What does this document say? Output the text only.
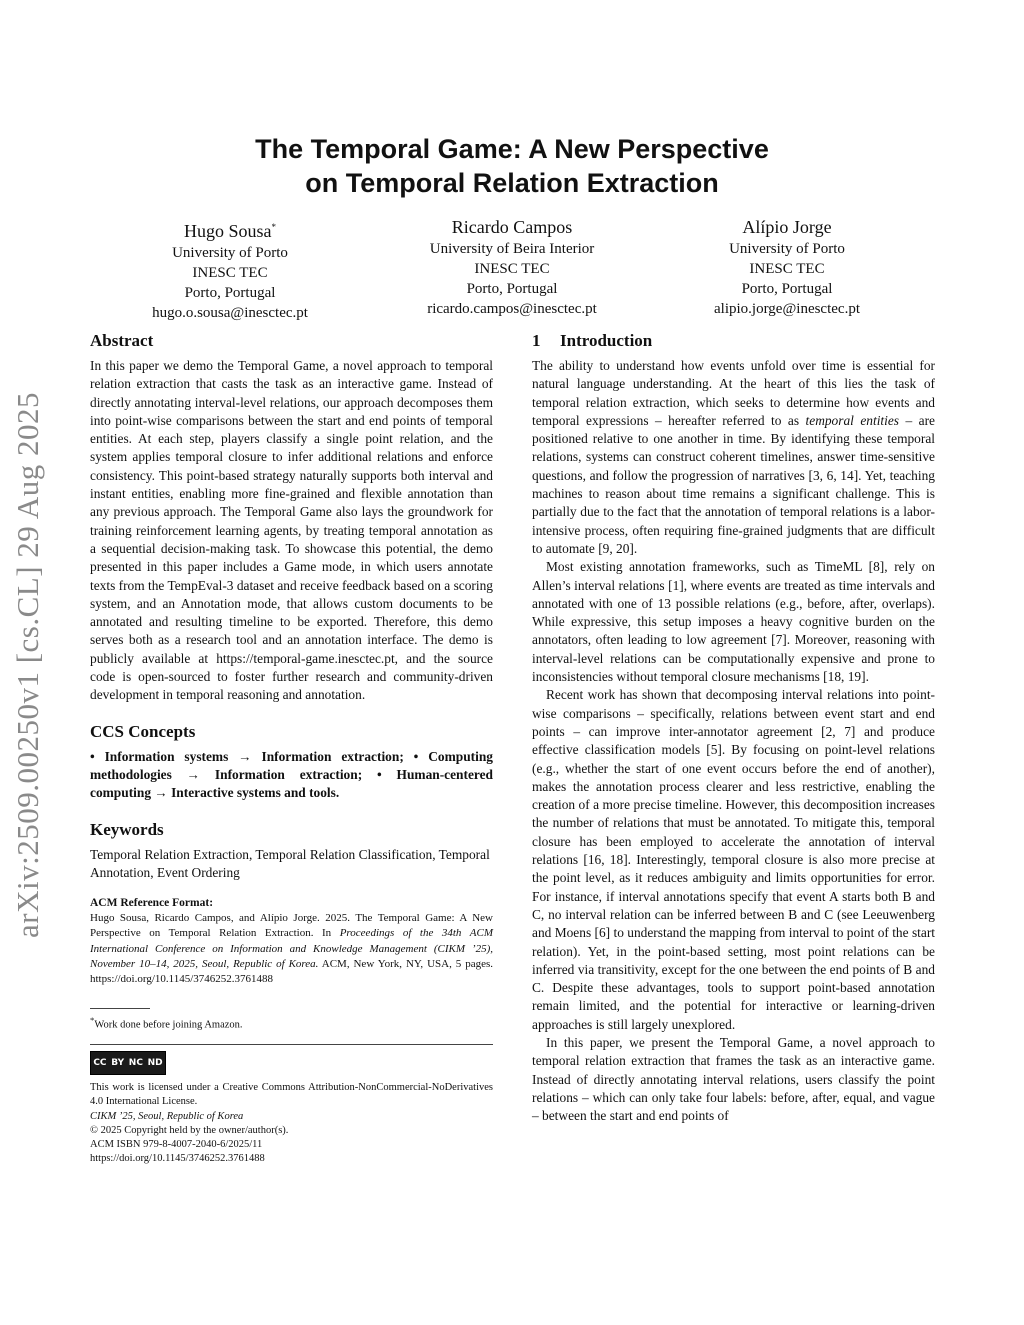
arXiv:2509.00250v1 [cs.CL] 29 Aug 2025
The Temporal Game: A New Perspective
on Temporal Relation Extraction
Hugo Sousa*
University of Porto
INESC TEC
Porto, Portugal
hugo.o.sousa@inesctec.pt
Ricardo Campos
University of Beira Interior
INESC TEC
Porto, Portugal
ricardo.campos@inesctec.pt
Alípio Jorge
University of Porto
INESC TEC
Porto, Portugal
alipio.jorge@inesctec.pt
Abstract

In this paper we demo the Temporal Game, a novel approach to temporal relation extraction that casts the task as an interactive game. Instead of directly annotating interval-level relations, our approach decomposes them into point-wise comparisons between the start and end points of temporal entities. At each step, players classify a single point relation, and the system applies temporal closure to infer additional relations and enforce consistency. This point-based strategy naturally supports both interval and instant entities, enabling more fine-grained and flexible annotation than any previous approach. The Temporal Game also lays the groundwork for training reinforcement learning agents, by treating temporal annotation as a sequential decision-making task. To showcase this potential, the demo presented in this paper includes a Game mode, in which users annotate texts from the TempEval-3 dataset and receive feedback based on a scoring system, and an Annotation mode, that allows custom documents to be annotated and resulting timeline to be exported. Therefore, this demo serves both as a research tool and an annotation interface. The demo is publicly available at https://temporal-game.inesctec.pt, and the source code is open-sourced to foster further research and community-driven development in temporal reasoning and annotation.

CCS Concepts

• Information systems → Information extraction; • Computing methodologies → Information extraction; • Human-centered computing → Interactive systems and tools.

Keywords

Temporal Relation Extraction, Temporal Relation Classification, Temporal Annotation, Event Ordering

ACM Reference Format:

Hugo Sousa, Ricardo Campos, and Alípio Jorge. 2025. The Temporal Game: A New Perspective on Temporal Relation Extraction. In Proceedings of the 34th ACM International Conference on Information and Knowledge Management (CIKM ’25), November 10–14, 2025, Seoul, Republic of Korea. ACM, New York, NY, USA, 5 pages. https://doi.org/10.1145/3746252.3761488

*Work done before joining Amazon.
CC BY NC ND

This work is licensed under a Creative Commons Attribution-NonCommercial-NoDerivatives 4.0 International License.

CIKM ’25, Seoul, Republic of Korea

© 2025 Copyright held by the owner/author(s).

ACM ISBN 979-8-4007-2040-6/2025/11

https://doi.org/10.1145/3746252.3761488

1 Introduction

The ability to understand how events unfold over time is essential for natural language understanding. At the heart of this lies the task of temporal relation extraction, which seeks to determine how events and temporal expressions – hereafter referred to as temporal entities – are positioned relative to one another in time. By identifying these temporal relations, systems can construct coherent timelines, answer time-sensitive questions, and follow the progression of narratives [3, 6, 14]. Yet, teaching machines to reason about time remains a significant challenge. This is partially due to the fact that the annotation of temporal relations is a labor-intensive process, often requiring fine-grained judgments that are difficult to automate [9, 20].

Most existing annotation frameworks, such as TimeML [8], rely on Allen’s interval relations [1], where events are treated as time intervals and annotated with one of 13 possible relations (e.g., before, after, overlaps). While expressive, this setup imposes a heavy cognitive burden on the annotators, often leading to low agreement [7]. Moreover, reasoning with interval-level relations can be computationally expensive and prone to inconsistencies without temporal closure mechanisms [18, 19].

Recent work has shown that decomposing interval relations into point-wise comparisons – specifically, relations between event start and end points – can improve inter-annotator agreement [2, 7] and produce effective classification models [5]. By focusing on point-level relations (e.g., whether the start of one event occurs before the end of another), makes the annotation process clearer and less restrictive, enabling the creation of a more precise timeline. However, this decomposition increases the number of relations that must be annotated. To mitigate this, temporal closure has been employed to accelerate the annotation of interval relations [16, 18]. Interestingly, temporal closure is also more precise at the point level, as it reduces ambiguity and limits opportunities for error. For instance, if interval annotations specify that event A starts both B and C, no interval relation can be inferred between B and C (see Leeuwenberg and Moens [6] to understand the mapping from interval to point of the start relation). Yet, in the point-based setting, most point relations can be inferred via transitivity, except for the one between the end points of B and C. Despite these advantages, tools to support point-based annotation remain limited, and the potential for interactive or learning-driven approaches is still largely unexplored.

In this paper, we present the Temporal Game, a novel approach to temporal relation extraction that frames the task as an interactive game. Instead of directly annotating interval relations, users classify the point relations – which can only take four labels: before, after, equal, and vague – between the start and end points of
